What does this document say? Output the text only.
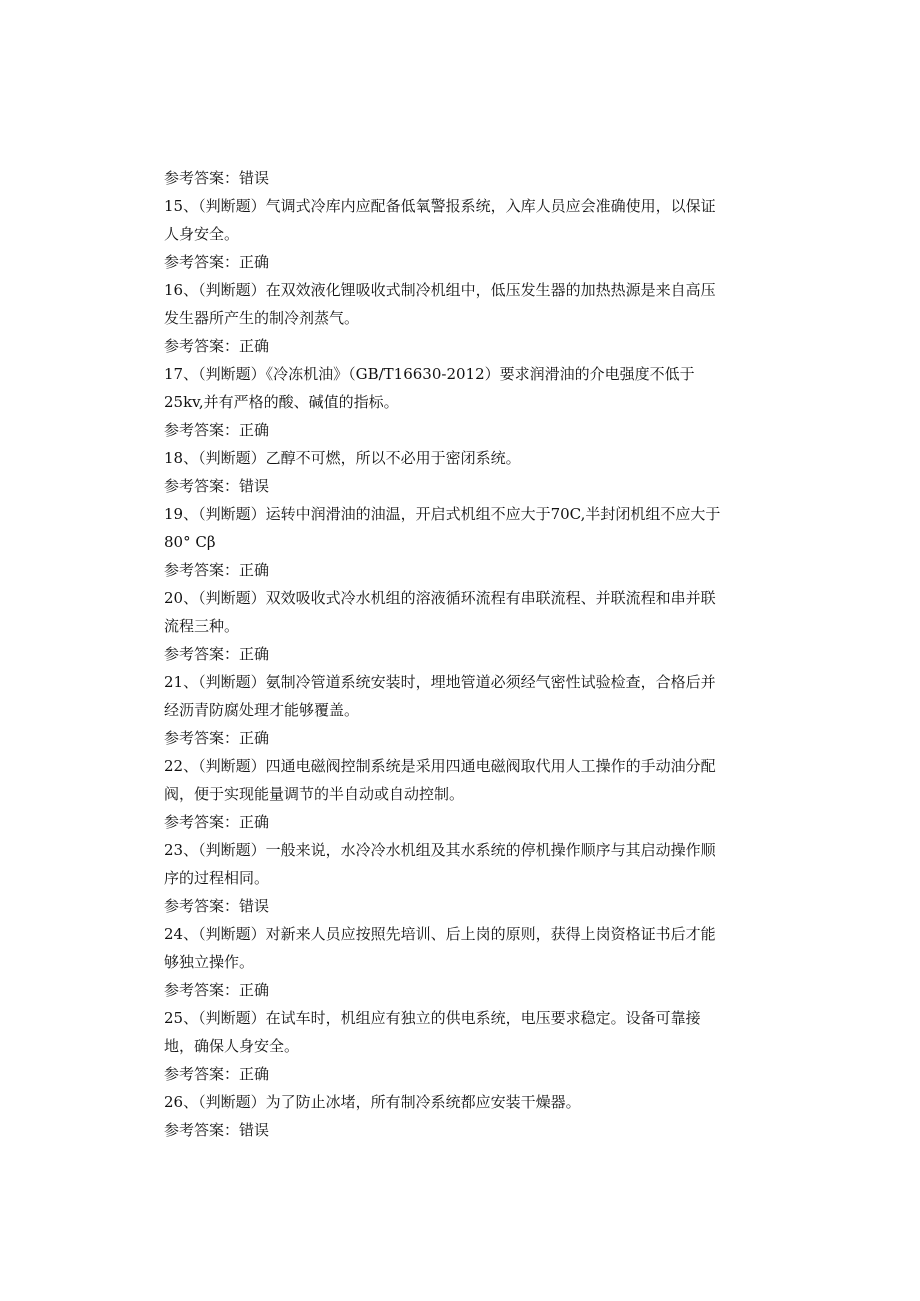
参考答案：错误
15、（判断题）气调式冷库内应配备低氧警报系统，入库人员应会准确使用，以保证
人身安全。
参考答案：正确
16、（判断题）在双效液化锂吸收式制冷机组中，低压发生器的加热热源是来自高压
发生器所产生的制冷剂蒸气。
参考答案：正确
17、（判断题）《冷冻机油》（GB/T16630-2012）要求润滑油的介电强度不低于
25kv,并有严格的酸、碱值的指标。
参考答案：正确
18、（判断题）乙醇不可燃，所以不必用于密闭系统。
参考答案：错误
19、（判断题）运转中润滑油的油温，开启式机组不应大于70C,半封闭机组不应大于
80° Cβ
参考答案：正确
20、（判断题）双效吸收式冷水机组的溶液循环流程有串联流程、并联流程和串并联
流程三种。
参考答案：正确
21、（判断题）氨制冷管道系统安装时，埋地管道必须经气密性试验检查，合格后并
经沥青防腐处理才能够覆盖。
参考答案：正确
22、（判断题）四通电磁阀控制系统是采用四通电磁阀取代用人工操作的手动油分配
阀，便于实现能量调节的半自动或自动控制。
参考答案：正确
23、（判断题）一般来说，水冷冷水机组及其水系统的停机操作顺序与其启动操作顺
序的过程相同。
参考答案：错误
24、（判断题）对新来人员应按照先培训、后上岗的原则，获得上岗资格证书后才能
够独立操作。
参考答案：正确
25、（判断题）在试车时，机组应有独立的供电系统，电压要求稳定。设备可靠接
地，确保人身安全。
参考答案：正确
26、（判断题）为了防止冰堵，所有制冷系统都应安装干燥器。
参考答案：错误
